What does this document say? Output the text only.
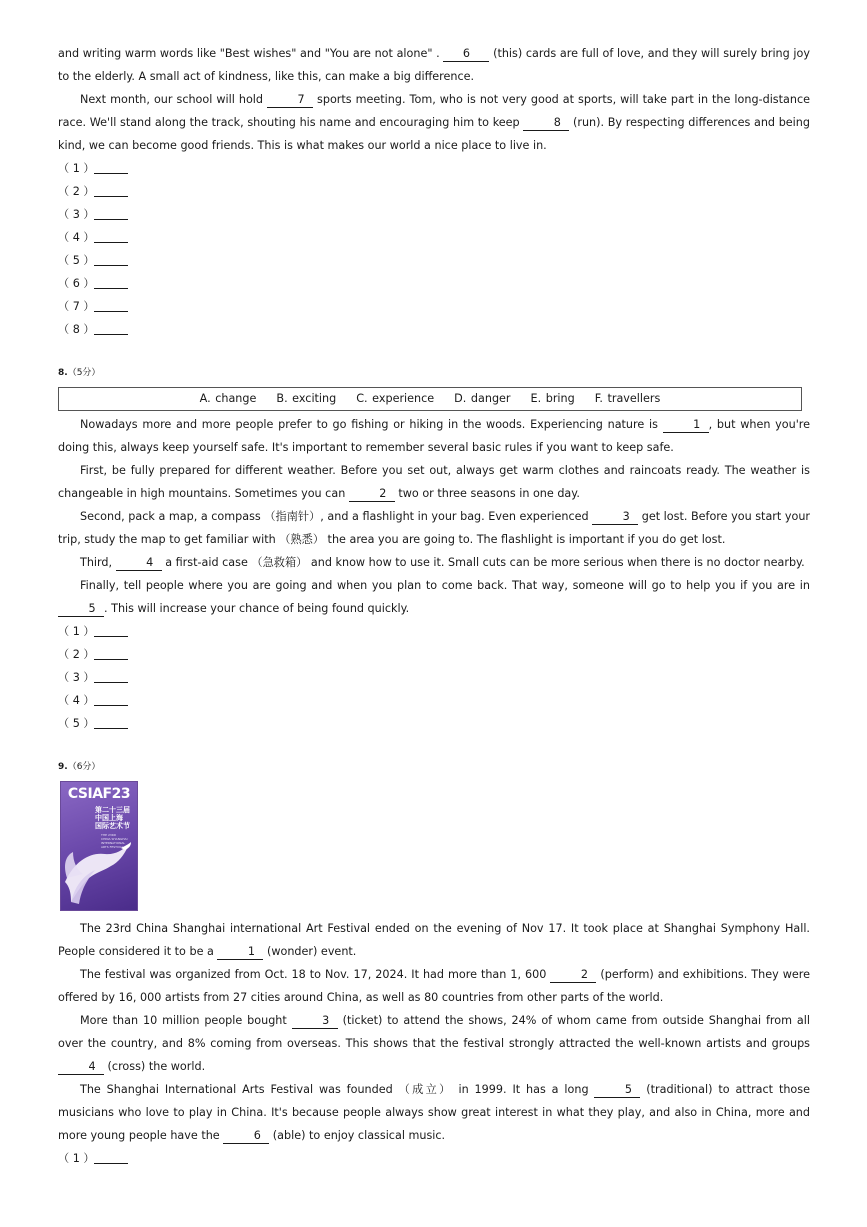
and writing warm words like "Best wishes" and "You are not alone" . 6 (this) cards are full of love, and they will surely bring joy to the elderly. A small act of kindness, like this, can make a big difference.

Next month, our school will hold	7 sports meeting. Tom, who is not very good at sports, will take part in the long-distance race. We'll stand along the track, shouting his name and encouraging him to keep	8 (run). By respecting differences and being kind, we can become good friends. This is what makes our world a nice place to live in.

（ 1 ）
（ 2 ）
（ 3 ）
（ 4 ）
（ 5 ）
（ 6 ）
（ 7 ）
（ 8 ）
8.（5分）
A. change B. exciting C. experience D. danger E. bring F. travellers

Nowadays more and more people prefer to go fishing or hiking in the woods. Experiencing nature is	1 , but when you're doing this, always keep yourself safe. It's important to remember several basic rules if you want to keep safe.

First, be fully prepared for different weather. Before you set out, always get warm clothes and raincoats ready. The weather is changeable in high mountains. Sometimes you can	2 two or three seasons in one day.

Second, pack a map, a compass （指南针）, and a flashlight in your bag. Even experienced	3 get lost. Before you start your trip, study the map to get familiar with （熟悉） the area you are going to. The flashlight is important if you do get lost.

Third,	4 a first-aid case （急救箱） and know how to use it. Small cuts can be more serious when there is no doctor nearby.

Finally, tell people where you are going and when you plan to come back. That way, someone will go to help you if you are in 5 . This will increase your chance of being found quickly.

（ 1 ）
（ 2 ）
（ 3 ）
（ 4 ）
（ 5 ）
9.（6分）
CSIAF23
第二十三届
中国上海
国际艺术节
THE 23RD
CHINA SHANGHAI
INTERNATIONAL
ARTS FESTIVAL

The 23rd China Shanghai international Art Festival ended on the evening of Nov 17. It took place at Shanghai Symphony Hall. People considered it to be a	1 (wonder) event.

The festival was organized from Oct. 18 to Nov. 17, 2024. It had more than 1, 600	2 (perform) and exhibitions. They were offered by 16, 000 artists from 27 cities around China, as well as 80 countries from other parts of the world.

More than 10 million people bought	3 (ticket) to attend the shows, 24% of whom came from outside Shanghai from all over the country, and 8% coming from overseas. This shows that the festival strongly attracted the well-known artists and groups 4 (cross) the world.

The Shanghai International Arts Festival was founded （成立） in 1999. It has a long	5 (traditional) to attract those musicians who love to play in China. It's because people always show great interest in what they play, and also in China, more and more young people have the	6 (able) to enjoy classical music.

（ 1 ）
